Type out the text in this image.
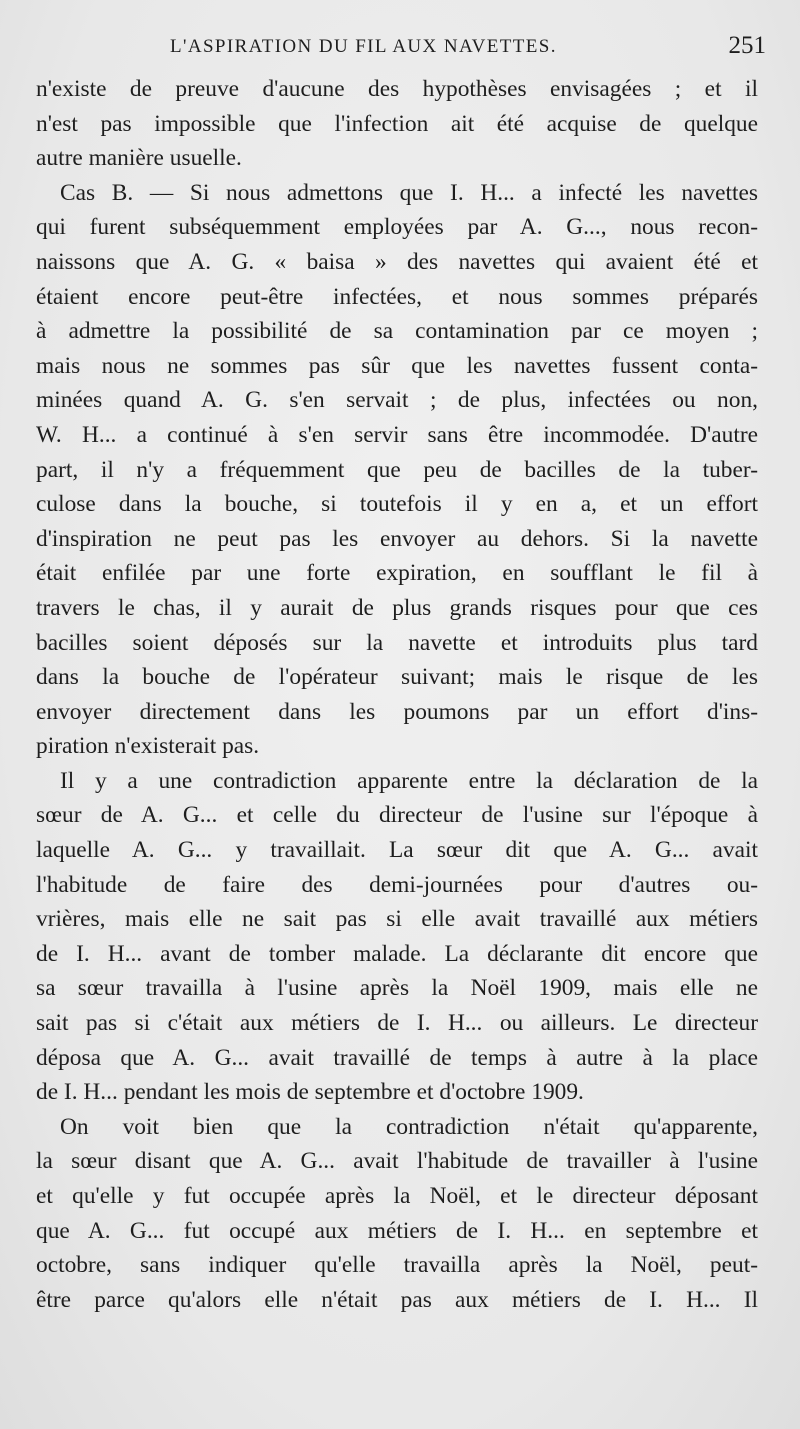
L'ASPIRATION DU FIL AUX NAVETTES.	251
n'existe de preuve d'aucune des hypothèses envisagées ; et il
n'est pas impossible que l'infection ait été acquise de quelque
autre manière usuelle.
Cas B. — Si nous admettons que I. H... a infecté les navettes
qui furent subséquemment employées par A. G..., nous recon-
naissons que A. G. « baisa » des navettes qui avaient été et
étaient encore peut-être infectées, et nous sommes préparés
à admettre la possibilité de sa contamination par ce moyen ;
mais nous ne sommes pas sûr que les navettes fussent conta-
minées quand A. G. s'en servait ; de plus, infectées ou non,
W. H... a continué à s'en servir sans être incommodée. D'autre
part, il n'y a fréquemment que peu de bacilles de la tuber-
culose dans la bouche, si toutefois il y en a, et un effort
d'inspiration ne peut pas les envoyer au dehors. Si la navette
était enfilée par une forte expiration, en soufflant le fil à
travers le chas, il y aurait de plus grands risques pour que ces
bacilles soient déposés sur la navette et introduits plus tard
dans la bouche de l'opérateur suivant; mais le risque de les
envoyer directement dans les poumons par un effort d'ins-
piration n'existerait pas.
Il y a une contradiction apparente entre la déclaration de la
sœur de A. G... et celle du directeur de l'usine sur l'époque à
laquelle A. G... y travaillait. La sœur dit que A. G... avait
l'habitude de faire des demi-journées pour d'autres ou-
vrières, mais elle ne sait pas si elle avait travaillé aux métiers
de I. H... avant de tomber malade. La déclarante dit encore que
sa sœur travailla à l'usine après la Noël 1909, mais elle ne
sait pas si c'était aux métiers de I. H... ou ailleurs. Le directeur
déposa que A. G... avait travaillé de temps à autre à la place
de I. H... pendant les mois de septembre et d'octobre 1909.
On voit bien que la contradiction n'était qu'apparente,
la sœur disant que A. G... avait l'habitude de travailler à l'usine
et qu'elle y fut occupée après la Noël, et le directeur déposant
que A. G... fut occupé aux métiers de I. H... en septembre et
octobre, sans indiquer qu'elle travailla après la Noël, peut-
être parce qu'alors elle n'était pas aux métiers de I. H... Il
